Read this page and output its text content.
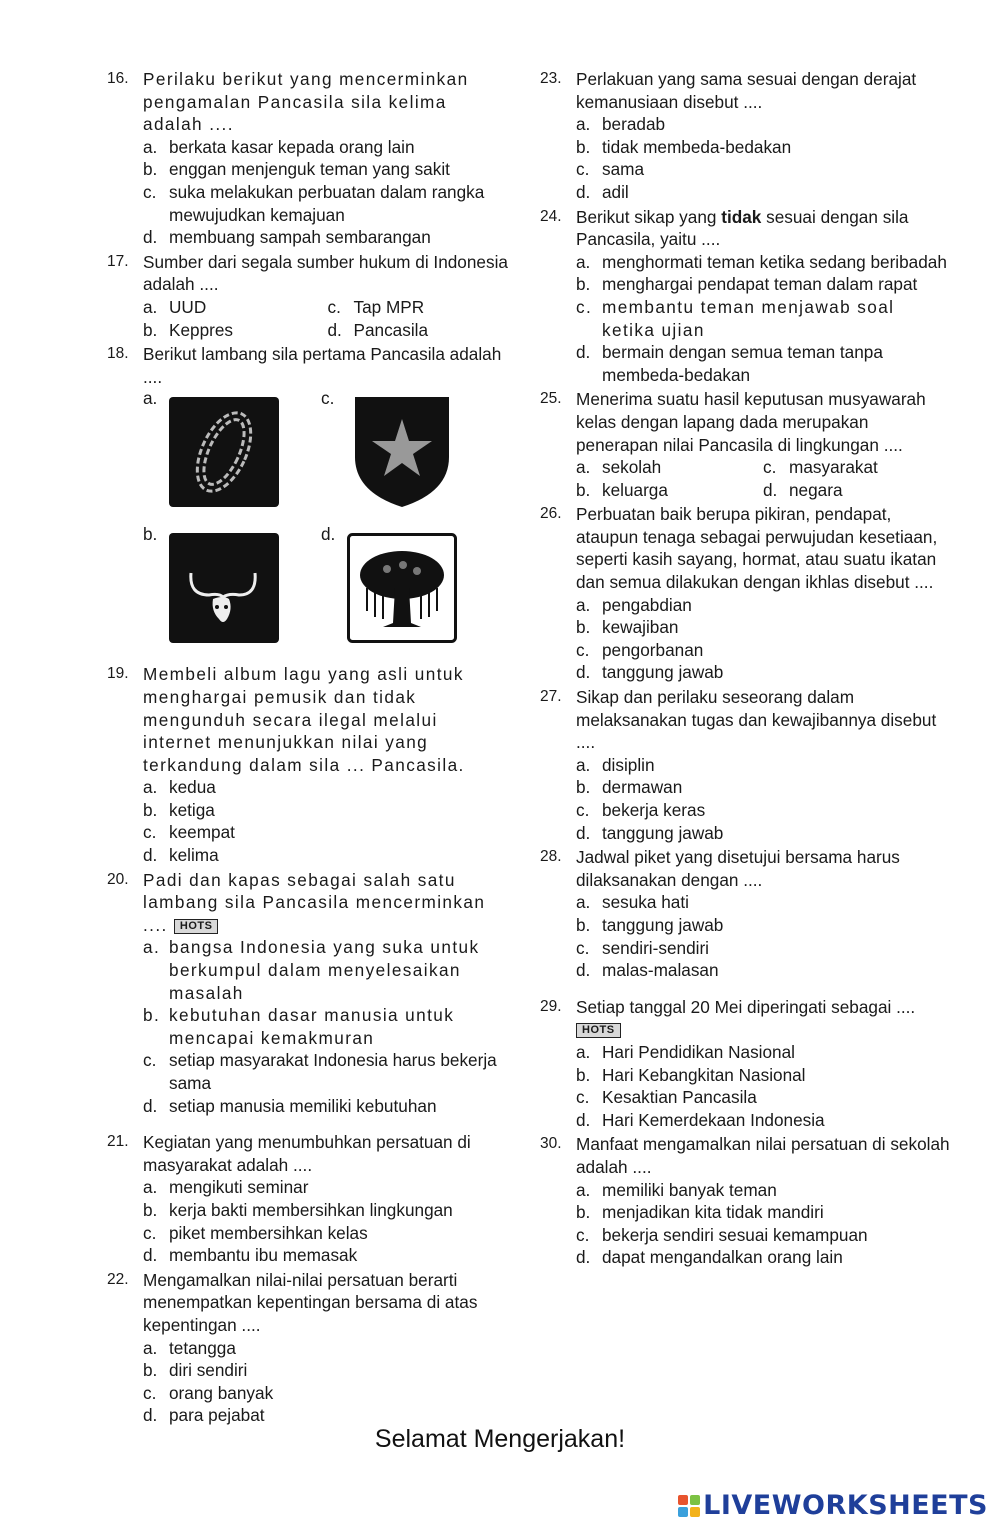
16. Perilaku berikut yang mencerminkan pengamalan Pancasila sila kelima adalah ....
a. berkata kasar kepada orang lain
b. enggan menjenguk teman yang sakit
c. suka melakukan perbuatan dalam rangka mewujudkan kemajuan
d. membuang sampah sembarangan
17. Sumber dari segala sumber hukum di Indonesia adalah ....
a. UUD	c. Tap MPR
b. Keppres	d. Pancasila
18. Berikut lambang sila pertama Pancasila adalah ....
a.	c.
b.	d.
19. Membeli album lagu yang asli untuk menghargai pemusik dan tidak mengunduh secara ilegal melalui internet menunjukkan nilai yang terkandung dalam sila ... Pancasila.
a. kedua
b. ketiga
c. keempat
d. kelima
20. Padi dan kapas sebagai salah satu lambang sila Pancasila mencerminkan .... HOTS
a. bangsa Indonesia yang suka untuk berkumpul dalam menyelesaikan masalah
b. kebutuhan dasar manusia untuk mencapai kemakmuran
c. setiap masyarakat Indonesia harus bekerja sama
d. setiap manusia memiliki kebutuhan
21. Kegiatan yang menumbuhkan persatuan di masyarakat adalah ....
a. mengikuti seminar
b. kerja bakti membersihkan lingkungan
c. piket membersihkan kelas
d. membantu ibu memasak
22. Mengamalkan nilai-nilai persatuan berarti menempatkan kepentingan bersama di atas kepentingan ....
a. tetangga
b. diri sendiri
c. orang banyak
d. para pejabat
23. Perlakuan yang sama sesuai dengan derajat kemanusiaan disebut ....
a. beradab
b. tidak membeda-bedakan
c. sama
d. adil
24. Berikut sikap yang tidak sesuai dengan sila Pancasila, yaitu ....
a. menghormati teman ketika sedang beribadah
b. menghargai pendapat teman dalam rapat
c. membantu teman menjawab soal ketika ujian
d. bermain dengan semua teman tanpa membeda-bedakan
25. Menerima suatu hasil keputusan musyawarah kelas dengan lapang dada merupakan penerapan nilai Pancasila di lingkungan ....
a. sekolah	c. masyarakat
b. keluarga	d. negara
26. Perbuatan baik berupa pikiran, pendapat, ataupun tenaga sebagai perwujudan kesetiaan, seperti kasih sayang, hormat, atau suatu ikatan dan semua dilakukan dengan ikhlas disebut ....
a. pengabdian
b. kewajiban
c. pengorbanan
d. tanggung jawab
27. Sikap dan perilaku seseorang dalam melaksanakan tugas dan kewajibannya disebut ....
a. disiplin
b. dermawan
c. bekerja keras
d. tanggung jawab
28. Jadwal piket yang disetujui bersama harus dilaksanakan dengan ....
a. sesuka hati
b. tanggung jawab
c. sendiri-sendiri
d. malas-malasan
29. Setiap tanggal 20 Mei diperingati sebagai .... HOTS
a. Hari Pendidikan Nasional
b. Hari Kebangkitan Nasional
c. Kesaktian Pancasila
d. Hari Kemerdekaan Indonesia
30. Manfaat mengamalkan nilai persatuan di sekolah adalah ....
a. memiliki banyak teman
b. menjadikan kita tidak mandiri
c. bekerja sendiri sesuai kemampuan
d. dapat mengandalkan orang lain
Selamat Mengerjakan!
LIVEWORKSHEETS
